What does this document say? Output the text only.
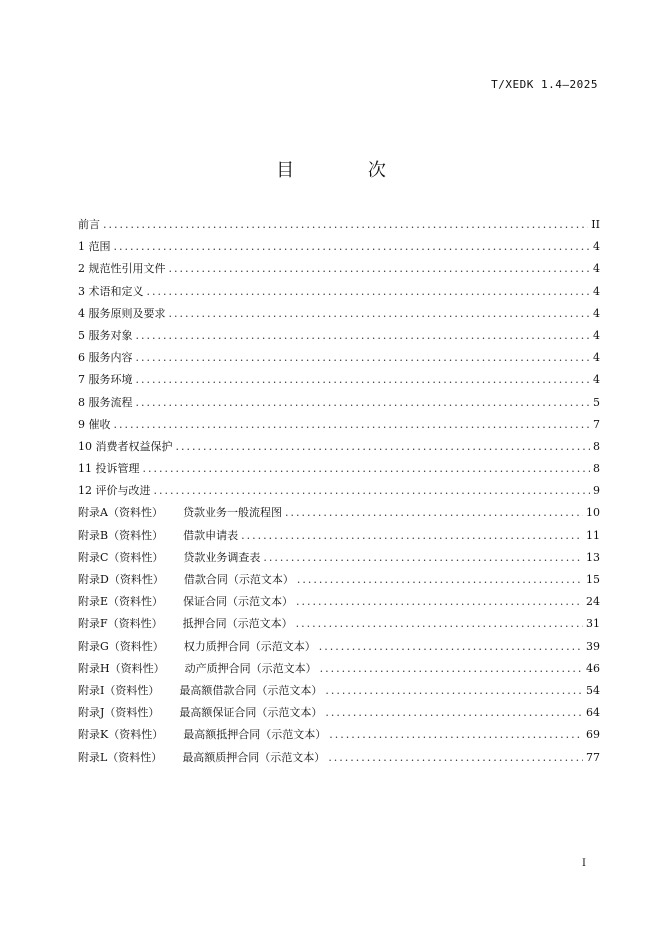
T/XEDK 1.4—2025
目 次
前言 .....	II
1 范围 .....	4
2 规范性引用文件 .....	4
3 术语和定义 .....	4
4 服务原则及要求 .....	4
5 服务对象 .....	4
6 服务内容 .....	4
7 服务环境 .....	4
8 服务流程 .....	5
9 催收 .....	7
10 消费者权益保护 .....	8
11 投诉管理 .....	8
12 评价与改进 .....	9
附录A（资料性） 贷款业务一般流程图 .....	10
附录B（资料性） 借款申请表 .....	11
附录C（资料性） 贷款业务调查表 .....	13
附录D（资料性） 借款合同（示范文本） .....	15
附录E（资料性） 保证合同（示范文本） .....	24
附录F（资料性） 抵押合同（示范文本） .....	31
附录G（资料性） 权力质押合同（示范文本） .....	39
附录H（资料性） 动产质押合同（示范文本） .....	46
附录I（资料性） 最高额借款合同（示范文本） .....	54
附录J（资料性） 最高额保证合同（示范文本） .....	64
附录K（资料性） 最高额抵押合同（示范文本） .....	69
附录L（资料性） 最高额质押合同（示范文本） .....	77
I
